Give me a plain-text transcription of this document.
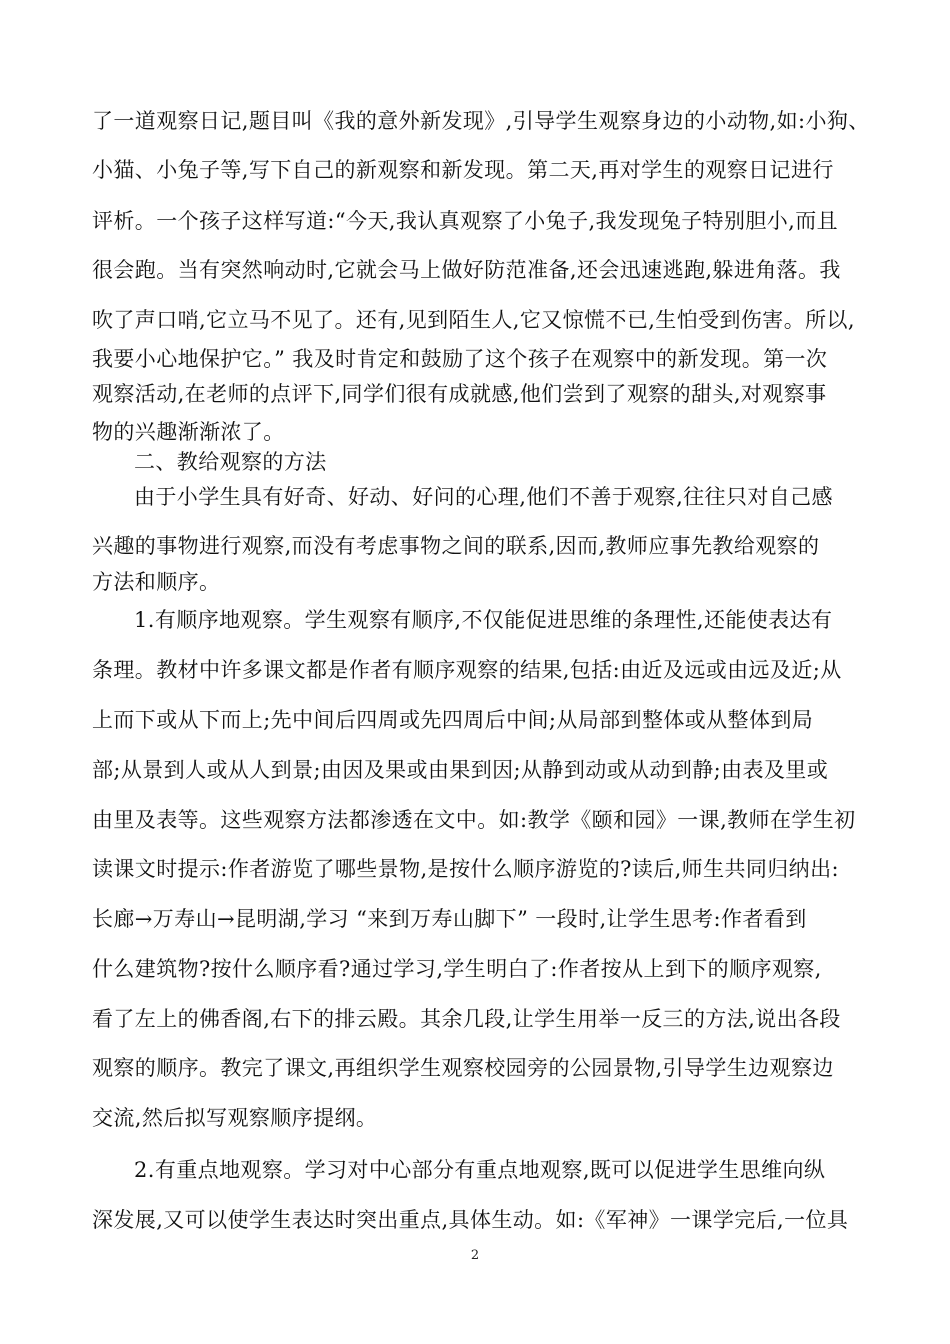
了一道观察日记,题目叫《我的意外新发现》,引导学生观察身边的小动物,如:小狗、
小猫、小兔子等,写下自己的新观察和新发现。第二天,再对学生的观察日记进行
评析。一个孩子这样写道:“今天,我认真观察了小兔子,我发现兔子特别胆小,而且
很会跑。当有突然响动时,它就会马上做好防范准备,还会迅速逃跑,躲进角落。我
吹了声口哨,它立马不见了。还有,见到陌生人,它又惊慌不已,生怕受到伤害。所以,
我要小心地保护它。” 我及时肯定和鼓励了这个孩子在观察中的新发现。第一次
观察活动,在老师的点评下,同学们很有成就感,他们尝到了观察的甜头,对观察事
物的兴趣渐渐浓了。
二、教给观察的方法
由于小学生具有好奇、好动、好问的心理,他们不善于观察,往往只对自己感
兴趣的事物进行观察,而没有考虑事物之间的联系,因而,教师应事先教给观察的
方法和顺序。
1.有顺序地观察。学生观察有顺序,不仅能促进思维的条理性,还能使表达有
条理。教材中许多课文都是作者有顺序观察的结果,包括:由近及远或由远及近;从
上而下或从下而上;先中间后四周或先四周后中间;从局部到整体或从整体到局
部;从景到人或从人到景;由因及果或由果到因;从静到动或从动到静;由表及里或
由里及表等。这些观察方法都渗透在文中。如:教学《颐和园》一课,教师在学生初
读课文时提示:作者游览了哪些景物,是按什么顺序游览的?读后,师生共同归纳出:
长廊→万寿山→昆明湖,学习 “来到万寿山脚下” 一段时,让学生思考:作者看到
什么建筑物?按什么顺序看?通过学习,学生明白了:作者按从上到下的顺序观察,
看了左上的佛香阁,右下的排云殿。其余几段,让学生用举一反三的方法,说出各段
观察的顺序。教完了课文,再组织学生观察校园旁的公园景物,引导学生边观察边
交流,然后拟写观察顺序提纲。
2.有重点地观察。学习对中心部分有重点地观察,既可以促进学生思维向纵
深发展,又可以使学生表达时突出重点,具体生动。如:《军神》一课学完后,一位具
2
